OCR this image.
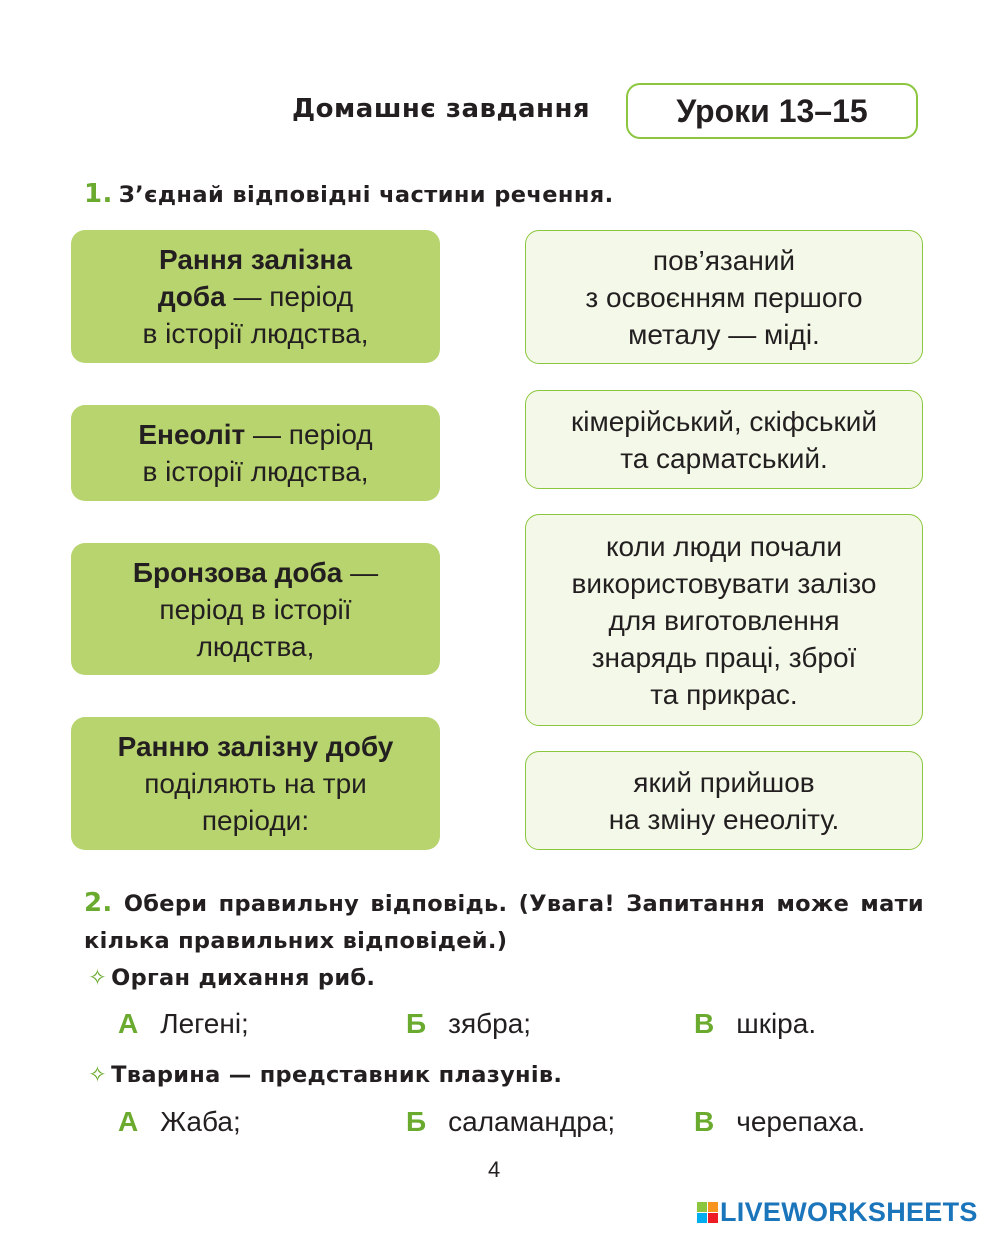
Домашнє завдання	Уроки 13–15
1. З’єднай відповідні частини речення.
Рання залізна
доба — період
в історії людства,
Енеоліт — період
в історії людства,
Бронзова доба —
період в історії
людства,
Ранню залізну добу
поділяють на три
періоди:
пов’язаний
з освоєнням першого
металу — міді.
кімерійський, скіфський
та сарматський.
коли люди почали
використовувати залізо
для виготовлення
знарядь праці, зброї
та прикрас.
який прийшов
на зміну енеоліту.
2. Обери правильну відповідь. (Увага! Запитання може мати кілька правильних відповідей.)
✧ Орган дихання риб.
А Легені;	Б зябра;	В шкіра.
✧ Тварина — представник плазунів.
А Жаба;	Б саламандра;	В черепаха.
4
LIVEWORKSHEETS
